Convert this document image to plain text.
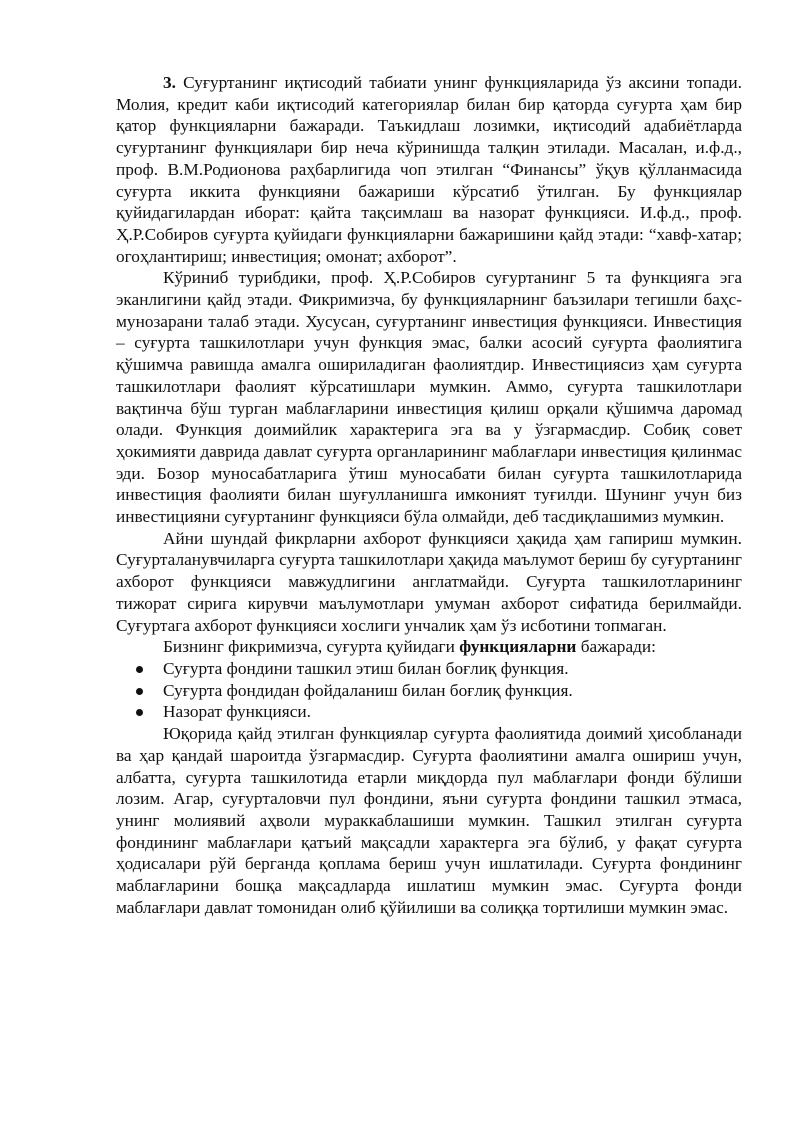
3. Суғуртанинг иқтисодий табиати унинг функцияларида ўз аксини топади. Молия, кредит каби иқтисодий категориялар билан бир қаторда суғурта ҳам бир қатор функцияларни бажаради. Таъкидлаш лозимки, иқтисодий адабиётларда суғуртанинг функциялари бир неча кўринишда талқин этилади. Масалан, и.ф.д., проф. В.М.Родионова раҳбарлигида чоп этилган “Финансы” ўқув қўлланмасида суғурта иккита функцияни бажариши кўрсатиб ўтилган. Бу функциялар қуйидагилардан иборат: қайта тақсимлаш ва назорат функцияси. И.ф.д., проф. Ҳ.Р.Собиров суғурта қуйидаги функцияларни бажаришини қайд этади: “хавф-хатар; огоҳлантириш; инвестиция; омонат; ахборот”.

Кўриниб турибдики, проф. Ҳ.Р.Собиров суғуртанинг 5 та функцияга эга эканлигини қайд этади. Фикримизча, бу функцияларнинг баъзилари тегишли баҳс-мунозарани талаб этади. Хусусан, суғуртанинг инвестиция функцияси. Инвестиция – суғурта ташкилотлари учун функция эмас, балки асосий суғурта фаолиятига қўшимча равишда амалга ошириладиган фаолиятдир. Инвестициясиз ҳам суғурта ташкилотлари фаолият кўрсатишлари мумкин. Аммо, суғурта ташкилотлари вақтинча бўш турган маблағларини инвестиция қилиш орқали қўшимча даромад олади. Функция доимийлик характерига эга ва у ўзгармасдир. Собиқ совет ҳокимияти даврида давлат суғурта органларининг маблағлари инвестиция қилинмас эди. Бозор муносабатларига ўтиш муносабати билан суғурта ташкилотларида инвестиция фаолияти билан шуғулланишга имконият туғилди. Шунинг учун биз инвестицияни суғуртанинг функцияси бўла олмайди, деб тасдиқлашимиз мумкин.

Айни шундай фикрларни ахборот функцияси ҳақида ҳам гапириш мумкин. Суғурталанувчиларга суғурта ташкилотлари ҳақида маълумот бериш бу суғуртанинг ахборот функцияси мавжудлигини англатмайди. Суғурта ташкилотларининг тижорат сирига кирувчи маълумотлари умуман ахборот сифатида берилмайди. Суғуртага ахборот функцияси хослиги унчалик ҳам ўз исботини топмаган.

Бизнинг фикримизча, суғурта қуйидаги функцияларни бажаради:

Суғурта фондини ташкил этиш билан боғлиқ функция.
Суғурта фондидан фойдаланиш билан боғлиқ функция.
Назорат функцияси.

Юқорида қайд этилган функциялар суғурта фаолиятида доимий ҳисобланади ва ҳар қандай шароитда ўзгармасдир. Суғурта фаолиятини амалга ошириш учун, албатта, суғурта ташкилотида етарли миқдорда пул маблағлари фонди бўлиши лозим. Агар, суғурталовчи пул фондини, яъни суғурта фондини ташкил этмаса, унинг молиявий аҳволи мураккаблашиши мумкин. Ташкил этилган суғурта фондининг маблағлари қатъий мақсадли характерга эга бўлиб, у фақат суғурта ҳодисалари рўй берганда қоплама бериш учун ишлатилади. Суғурта фондининг маблағларини бошқа мақсадларда ишлатиш мумкин эмас. Суғурта фонди маблағлари давлат томонидан олиб қўйилиши ва солиққа тортилиши мумкин эмас.
